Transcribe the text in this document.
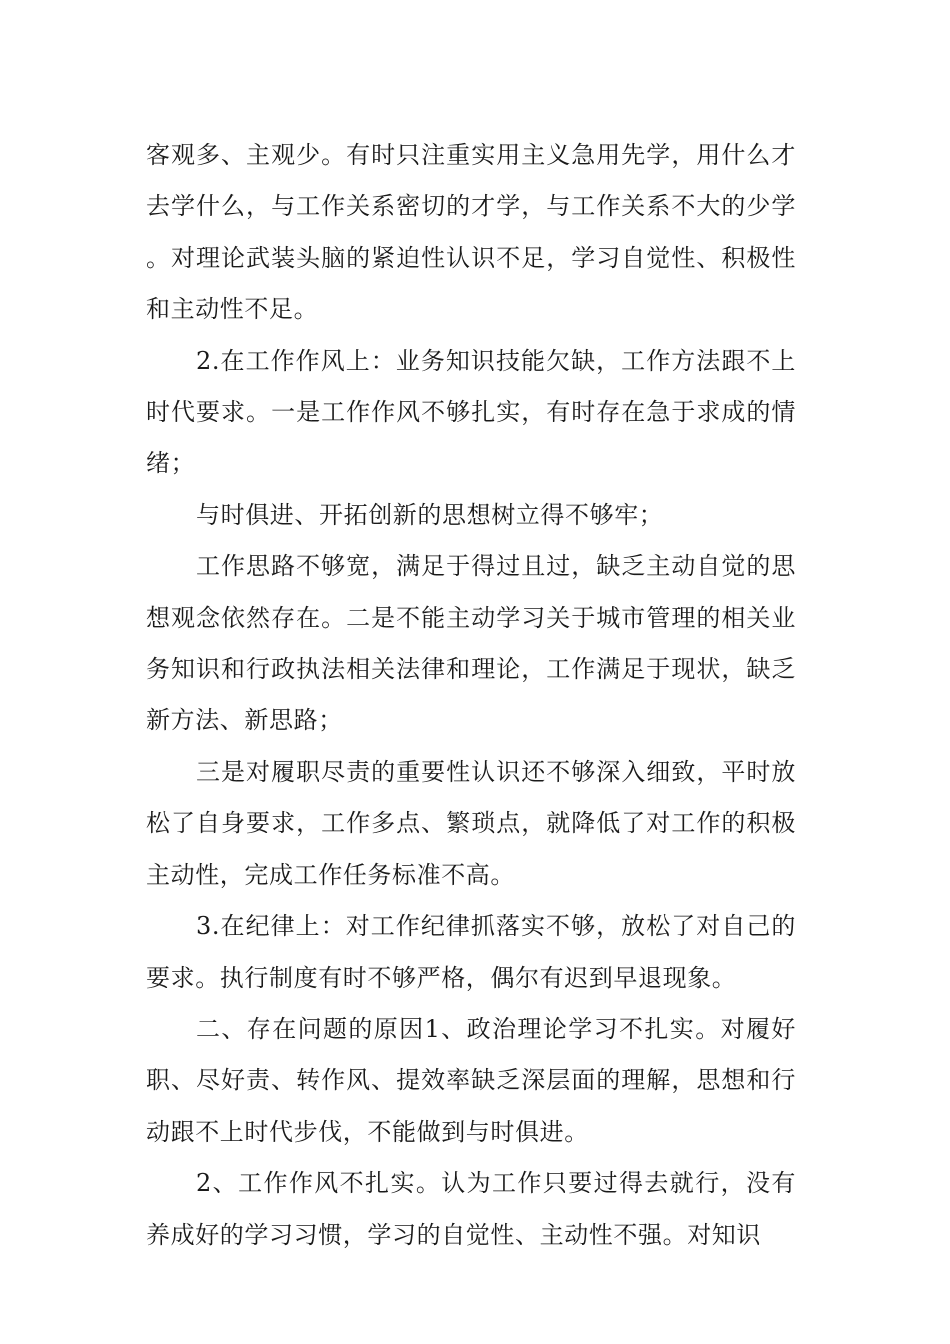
客观多、主观少。有时只注重实用主义急用先学，用什么才去学什么，与工作关系密切的才学，与工作关系不大的少学。对理论武装头脑的紧迫性认识不足，学习自觉性、积极性和主动性不足。

2.在工作作风上：业务知识技能欠缺，工作方法跟不上时代要求。一是工作作风不够扎实，有时存在急于求成的情绪；

与时俱进、开拓创新的思想树立得不够牢；

工作思路不够宽，满足于得过且过，缺乏主动自觉的思想观念依然存在。二是不能主动学习关于城市管理的相关业务知识和行政执法相关法律和理论，工作满足于现状，缺乏新方法、新思路；

三是对履职尽责的重要性认识还不够深入细致，平时放松了自身要求，工作多点、繁琐点，就降低了对工作的积极主动性，完成工作任务标准不高。

3.在纪律上：对工作纪律抓落实不够，放松了对自己的要求。执行制度有时不够严格，偶尔有迟到早退现象。

二、存在问题的原因1、政治理论学习不扎实。对履好职、尽好责、转作风、提效率缺乏深层面的理解，思想和行动跟不上时代步伐，不能做到与时俱进。

2、工作作风不扎实。认为工作只要过得去就行，没有养成好的学习习惯，学习的自觉性、主动性不强。对知识
